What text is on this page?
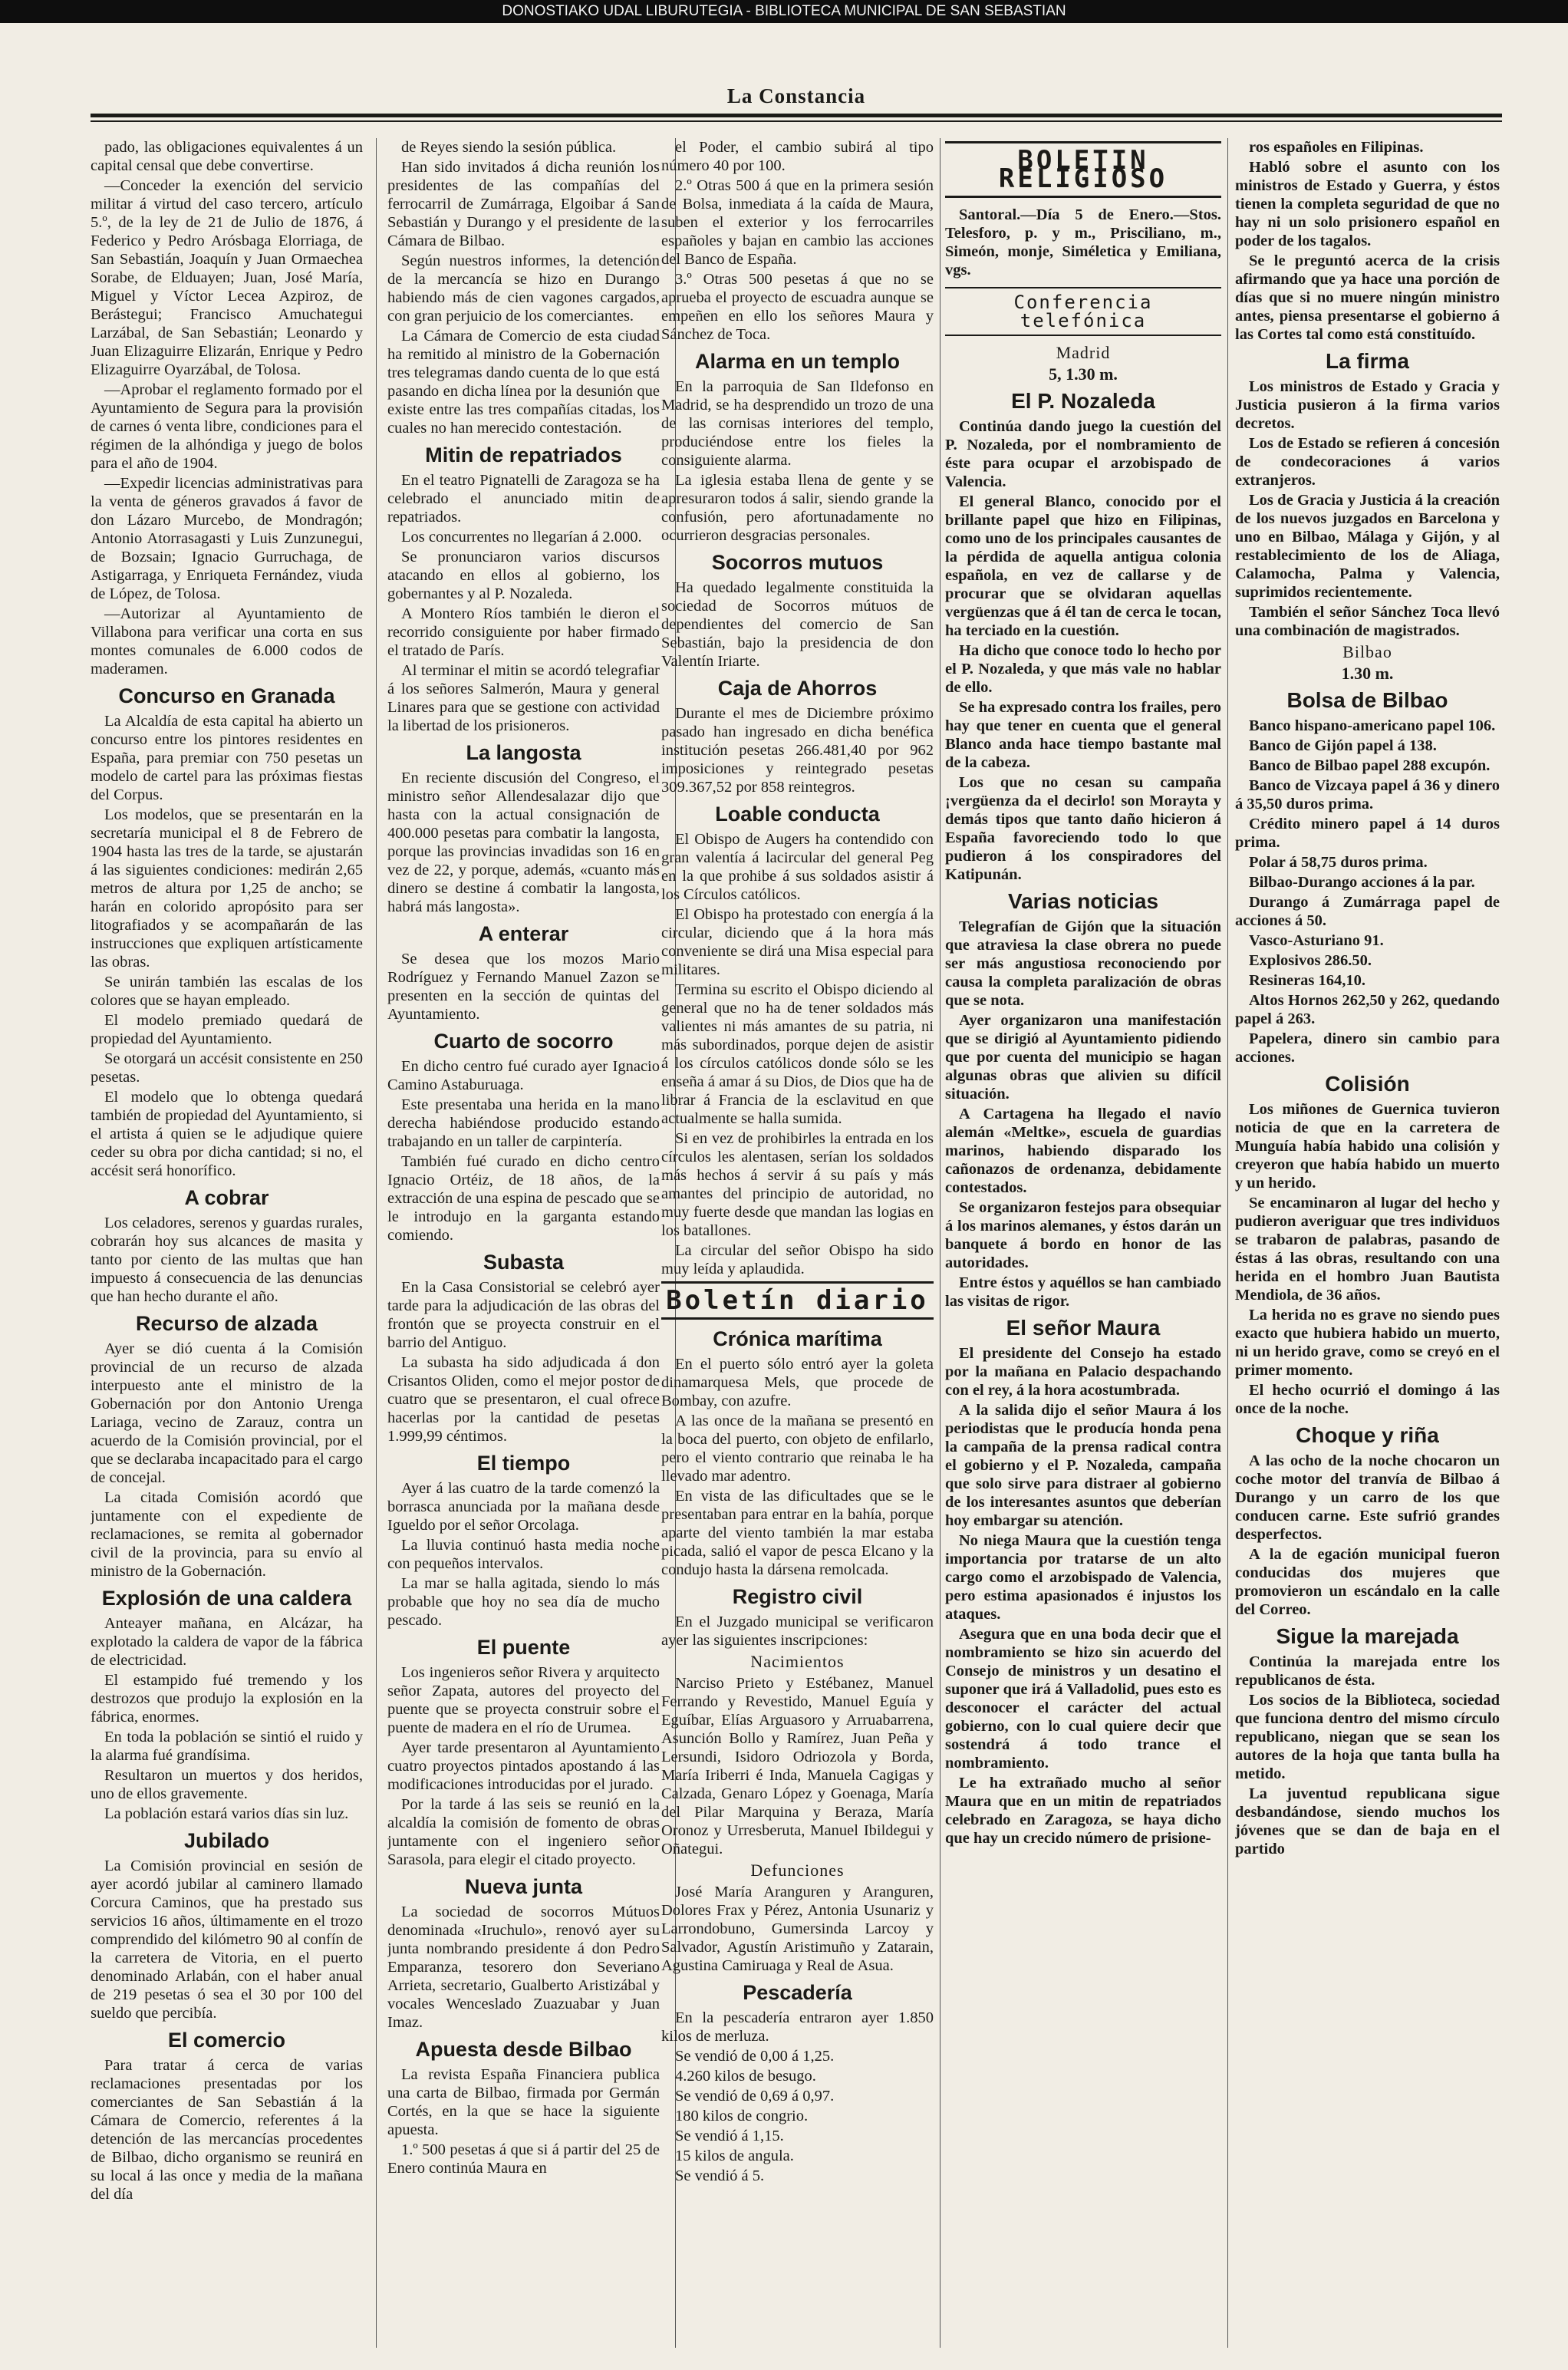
DONOSTIAKO UDAL LIBURUTEGIA - BIBLIOTECA MUNICIPAL DE SAN SEBASTIAN
La Constancia

pado, las obligaciones equivalentes á un capital censal que debe convertirse.

—Conceder la exención del servicio militar á virtud del caso tercero, artículo 5.º, de la ley de 21 de Julio de 1876, á Federico y Pedro Arósbaga Elorriaga, de San Sebastián, Joaquín y Juan Ormaechea Sorabe, de Elduayen; Juan, José María, Miguel y Víctor Lecea Azpiroz, de Berástegui; Francisco Amuchategui Larzábal, de San Sebastián; Leonardo y Juan Elizaguirre Elizarán, Enrique y Pedro Elizaguirre Oyarzábal, de Tolosa.

—Aprobar el reglamento formado por el Ayuntamiento de Segura para la provisión de carnes ó venta libre, condiciones para el régimen de la alhóndiga y juego de bolos para el año de 1904.

—Expedir licencias administrativas para la venta de géneros gravados á favor de don Lázaro Murcebo, de Mondragón; Antonio Atorrasagasti y Luis Zunzunegui, de Bozsain; Ignacio Gurruchaga, de Astigarraga, y Enriqueta Fernández, viuda de López, de Tolosa.

—Autorizar al Ayuntamiento de Villabona para verificar una corta en sus montes comunales de 6.000 codos de maderamen.

Concurso en Granada

La Alcaldía de esta capital ha abierto un concurso entre los pintores residentes en España, para premiar con 750 pesetas un modelo de cartel para las próximas fiestas del Corpus.

Los modelos, que se presentarán en la secretaría municipal el 8 de Febrero de 1904 hasta las tres de la tarde, se ajustarán á las siguientes condiciones: medirán 2,65 metros de altura por 1,25 de ancho; se harán en colorido apropósito para ser litografiados y se acompañarán de las instrucciones que expliquen artísticamente las obras.

Se unirán también las escalas de los colores que se hayan empleado.

El modelo premiado quedará de propiedad del Ayuntamiento.

Se otorgará un accésit consistente en 250 pesetas.

El modelo que lo obtenga quedará también de propiedad del Ayuntamiento, si el artista á quien se le adjudique quiere ceder su obra por dicha cantidad; si no, el accésit será honorífico.

A cobrar

Los celadores, serenos y guardas rurales, cobrarán hoy sus alcances de masita y tanto por ciento de las multas que han impuesto á consecuencia de las denuncias que han hecho durante el año.

Recurso de alzada

Ayer se dió cuenta á la Comisión provincial de un recurso de alzada interpuesto ante el ministro de la Gobernación por don Antonio Urenga Lariaga, vecino de Zarauz, contra un acuerdo de la Comisión provincial, por el que se declaraba incapacitado para el cargo de concejal.

La citada Comisión acordó que juntamente con el expediente de reclamaciones, se remita al gobernador civil de la provincia, para su envío al ministro de la Gobernación.

Explosión de una caldera

Anteayer mañana, en Alcázar, ha explotado la caldera de vapor de la fábrica de electricidad.

El estampido fué tremendo y los destrozos que produjo la explosión en la fábrica, enormes.

En toda la población se sintió el ruido y la alarma fué grandísima.

Resultaron un muertos y dos heridos, uno de ellos gravemente.

La población estará varios días sin luz.

Jubilado

La Comisión provincial en sesión de ayer acordó jubilar al caminero llamado Corcura Caminos, que ha prestado sus servicios 16 años, últimamente en el trozo comprendido del kilómetro 90 al confín de la carretera de Vitoria, en el puerto denominado Arlabán, con el haber anual de 219 pesetas ó sea el 30 por 100 del sueldo que percibía.

El comercio

Para tratar á cerca de varias reclamaciones presentadas por los comerciantes de San Sebastián á la Cámara de Comercio, referentes á la detención de las mercancías procedentes de Bilbao, dicho organismo se reunirá en su local á las once y media de la mañana del día

de Reyes siendo la sesión pública.

Han sido invitados á dicha reunión los presidentes de las compañías del ferrocarril de Zumárraga, Elgoibar á San Sebastián y Durango y el presidente de la Cámara de Bilbao.

Según nuestros informes, la detención de la mercancía se hizo en Durango habiendo más de cien vagones cargados, con gran perjuicio de los comerciantes.

La Cámara de Comercio de esta ciudad ha remitido al ministro de la Gobernación tres telegramas dando cuenta de lo que está pasando en dicha línea por la desunión que existe entre las tres compañías citadas, los cuales no han merecido contestación.

Mitin de repatriados

En el teatro Pignatelli de Zaragoza se ha celebrado el anunciado mitin de repatriados.

Los concurrentes no llegarían á 2.000.

Se pronunciaron varios discursos atacando en ellos al gobierno, los gobernantes y al P. Nozaleda.

A Montero Ríos también le dieron el recorrido consiguiente por haber firmado el tratado de París.

Al terminar el mitin se acordó telegrafiar á los señores Salmerón, Maura y general Linares para que se gestione con actividad la libertad de los prisioneros.

La langosta

En reciente discusión del Congreso, el ministro señor Allendesalazar dijo que hasta con la actual consignación de 400.000 pesetas para combatir la langosta, porque las provincias invadidas son 16 en vez de 22, y porque, además, «cuanto más dinero se destine á combatir la langosta, habrá más langosta».

A enterar

Se desea que los mozos Mario Rodríguez y Fernando Manuel Zazon se presenten en la sección de quintas del Ayuntamiento.

Cuarto de socorro

En dicho centro fué curado ayer Ignacio Camino Astaburuaga.

Este presentaba una herida en la mano derecha habiéndose producido estando trabajando en un taller de carpintería.

También fué curado en dicho centro Ignacio Ortéiz, de 18 años, de la extracción de una espina de pescado que se le introdujo en la garganta estando comiendo.

Subasta

En la Casa Consistorial se celebró ayer tarde para la adjudicación de las obras del frontón que se proyecta construir en el barrio del Antiguo.

La subasta ha sido adjudicada á don Crisantos Oliden, como el mejor postor de cuatro que se presentaron, el cual ofrece hacerlas por la cantidad de pesetas 1.999,99 céntimos.

El tiempo

Ayer á las cuatro de la tarde comenzó la borrasca anunciada por la mañana desde Igueldo por el señor Orcolaga.

La lluvia continuó hasta media noche con pequeños intervalos.

La mar se halla agitada, siendo lo más probable que hoy no sea día de mucho pescado.

El puente

Los ingenieros señor Rivera y arquitecto señor Zapata, autores del proyecto del puente que se proyecta construir sobre el puente de madera en el río de Urumea.

Ayer tarde presentaron al Ayuntamiento cuatro proyectos pintados apostando á las modificaciones introducidas por el jurado.

Por la tarde á las seis se reunió en la alcaldía la comisión de fomento de obras juntamente con el ingeniero señor Sarasola, para elegir el citado proyecto.

Nueva junta

La sociedad de socorros Mútuos denominada «Iruchulo», renovó ayer su junta nombrando presidente á don Pedro Emparanza, tesorero don Severiano Arrieta, secretario, Gualberto Aristizábal y vocales Wenceslado Zuazuabar y Juan Imaz.

Apuesta desde Bilbao

La revista España Financiera publica una carta de Bilbao, firmada por Germán Cortés, en la que se hace la siguiente apuesta.

1.º 500 pesetas á que si á partir del 25 de Enero continúa Maura en

el Poder, el cambio subirá al tipo número 40 por 100.

2.º Otras 500 á que en la primera sesión de Bolsa, inmediata á la caída de Maura, suben el exterior y los ferrocarriles españoles y bajan en cambio las acciones del Banco de España.

3.º Otras 500 pesetas á que no se aprueba el proyecto de escuadra aunque se empeñen en ello los señores Maura y Sánchez de Toca.

Alarma en un templo

En la parroquia de San Ildefonso en Madrid, se ha desprendido un trozo de una de las cornisas interiores del templo, produciéndose entre los fieles la consiguiente alarma.

La iglesia estaba llena de gente y se apresuraron todos á salir, siendo grande la confusión, pero afortunadamente no ocurrieron desgracias personales.

Socorros mutuos

Ha quedado legalmente constituida la sociedad de Socorros mútuos de dependientes del comercio de San Sebastián, bajo la presidencia de don Valentín Iriarte.

Caja de Ahorros

Durante el mes de Diciembre próximo pasado han ingresado en dicha benéfica institución pesetas 266.481,40 por 962 imposiciones y reintegrado pesetas 309.367,52 por 858 reintegros.

Loable conducta

El Obispo de Augers ha contendido con gran valentía á lacircular del general Peg en la que prohibe á sus soldados asistir á los Círculos católicos.

El Obispo ha protestado con energía á la circular, diciendo que á la hora más conveniente se dirá una Misa especial para militares.

Termina su escrito el Obispo diciendo al general que no ha de tener soldados más valientes ni más amantes de su patria, ni más subordinados, porque dejen de asistir á los círculos católicos donde sólo se les enseña á amar á su Dios, de Dios que ha de librar á Francia de la esclavitud en que actualmente se halla sumida.

Si en vez de prohibirles la entrada en los círculos les alentasen, serían los soldados más hechos á servir á su país y más amantes del principio de autoridad, no muy fuerte desde que mandan las logias en los batallones.

La circular del señor Obispo ha sido muy leída y aplaudida.

Boletín diario
Crónica marítima

En el puerto sólo entró ayer la goleta dinamarquesa Mels, que procede de Bombay, con azufre.

A las once de la mañana se presentó en la boca del puerto, con objeto de enfilarlo, pero el viento contrario que reinaba le ha llevado mar adentro.

En vista de las dificultades que se le presentaban para entrar en la bahía, porque aparte del viento también la mar estaba picada, salió el vapor de pesca Elcano y la condujo hasta la dársena remolcada.

Registro civil

En el Juzgado municipal se verificaron ayer las siguientes inscripciones:

Nacimientos

Narciso Prieto y Estébanez, Manuel Ferrando y Revestido, Manuel Eguía y Eguíbar, Elías Arguasoro y Arruabarrena, Asunción Bollo y Ramírez, Juan Peña y Lersundi, Isidoro Odriozola y Borda, María Iriberri é Inda, Manuela Cagigas y Calzada, Genaro López y Goenaga, María del Pilar Marquina y Beraza, María Oronoz y Urresberuta, Manuel Ibildegui y Oñategui.

Defunciones

José María Aranguren y Aranguren, Dolores Frax y Pérez, Antonia Usunariz y Larrondobuno, Gumersinda Larcoy y Salvador, Agustín Aristimuño y Zatarain, Agustina Camiruaga y Real de Asua.

Pescadería

En la pescadería entraron ayer 1.850 kilos de merluza.

Se vendió de 0,00 á 1,25.

4.260 kilos de besugo.

Se vendió de 0,69 á 0,97.

180 kilos de congrio.

Se vendió á 1,15.

15 kilos de angula.

Se vendió á 5.

BOLETIN RELIGIOSO

Santoral.—Día 5 de Enero.—Stos. Telesforo, p. y m., Prisciliano, m., Simeón, monje, Siméletica y Emiliana, vgs.

Conferencia telefónica
Madrid
5, 1.30 m.
El P. Nozaleda

Continúa dando juego la cuestión del P. Nozaleda, por el nombramiento de éste para ocupar el arzobispado de Valencia.

El general Blanco, conocido por el brillante papel que hizo en Filipinas, como uno de los principales causantes de la pérdida de aquella antigua colonia española, en vez de callarse y de procurar que se olvidaran aquellas vergüenzas que á él tan de cerca le tocan, ha terciado en la cuestión.

Ha dicho que conoce todo lo hecho por el P. Nozaleda, y que más vale no hablar de ello.

Se ha expresado contra los frailes, pero hay que tener en cuenta que el general Blanco anda hace tiempo bastante mal de la cabeza.

Los que no cesan su campaña ¡vergüenza da el decirlo! son Morayta y demás tipos que tanto daño hicieron á España favoreciendo todo lo que pudieron á los conspiradores del Katipunán.

Varias noticias

Telegrafían de Gijón que la situación que atraviesa la clase obrera no puede ser más angustiosa reconociendo por causa la completa paralización de obras que se nota.

Ayer organizaron una manifestación que se dirigió al Ayuntamiento pidiendo que por cuenta del municipio se hagan algunas obras que alivien su difícil situación.

A Cartagena ha llegado el navío alemán «Meltke», escuela de guardias marinos, habiendo disparado los cañonazos de ordenanza, debidamente contestados.

Se organizaron festejos para obsequiar á los marinos alemanes, y éstos darán un banquete á bordo en honor de las autoridades.

Entre éstos y aquéllos se han cambiado las visitas de rigor.

El señor Maura

El presidente del Consejo ha estado por la mañana en Palacio despachando con el rey, á la hora acostumbrada.

A la salida dijo el señor Maura á los periodistas que le producía honda pena la campaña de la prensa radical contra el gobierno y el P. Nozaleda, campaña que solo sirve para distraer al gobierno de los interesantes asuntos que deberían hoy embargar su atención.

No niega Maura que la cuestión tenga importancia por tratarse de un alto cargo como el arzobispado de Valencia, pero estima apasionados é injustos los ataques.

Asegura que en una boda decir que el nombramiento se hizo sin acuerdo del Consejo de ministros y un desatino el suponer que irá á Valladolid, pues esto es desconocer el carácter del actual gobierno, con lo cual quiere decir que sostendrá á todo trance el nombramiento.

Le ha extrañado mucho al señor Maura que en un mitin de repatriados celebrado en Zaragoza, se haya dicho que hay un crecido número de prisione-

ros españoles en Filipinas.

Habló sobre el asunto con los ministros de Estado y Guerra, y éstos tienen la completa seguridad de que no hay ni un solo prisionero español en poder de los tagalos.

Se le preguntó acerca de la crisis afirmando que ya hace una porción de días que si no muere ningún ministro antes, piensa presentarse el gobierno á las Cortes tal como está constituído.

La firma

Los ministros de Estado y Gracia y Justicia pusieron á la firma varios decretos.

Los de Estado se refieren á concesión de condecoraciones á varios extranjeros.

Los de Gracia y Justicia á la creación de los nuevos juzgados en Barcelona y uno en Bilbao, Málaga y Gijón, y al restablecimiento de los de Aliaga, Calamocha, Palma y Valencia, suprimidos recientemente.

También el señor Sánchez Toca llevó una combinación de magistrados.

Bilbao
1.30 m.
Bolsa de Bilbao

Banco hispano-americano papel 106.

Banco de Gijón papel á 138.

Banco de Bilbao papel 288 excupón.

Banco de Vizcaya papel á 36 y dinero á 35,50 duros prima.

Crédito minero papel á 14 duros prima.

Polar á 58,75 duros prima.

Bilbao-Durango acciones á la par.

Durango á Zumárraga papel de acciones á 50.

Vasco-Asturiano 91.

Explosivos 286.50.

Resineras 164,10.

Altos Hornos 262,50 y 262, quedando papel á 263.

Papelera, dinero sin cambio para acciones.

Colisión

Los miñones de Guernica tuvieron noticia de que en la carretera de Munguía había habido una colisión y creyeron que había habido un muerto y un herido.

Se encaminaron al lugar del hecho y pudieron averiguar que tres individuos se trabaron de palabras, pasando de éstas á las obras, resultando con una herida en el hombro Juan Bautista Mendiola, de 36 años.

La herida no es grave no siendo pues exacto que hubiera habido un muerto, ni un herido grave, como se creyó en el primer momento.

El hecho ocurrió el domingo á las once de la noche.

Choque y riña

A las ocho de la noche chocaron un coche motor del tranvía de Bilbao á Durango y un carro de los que conducen carne. Este sufrió grandes desperfectos.

A la de egación municipal fueron conducidas dos mujeres que promovieron un escándalo en la calle del Correo.

Sigue la marejada

Continúa la marejada entre los republicanos de ésta.

Los socios de la Biblioteca, sociedad que funciona dentro del mismo círculo republicano, niegan que se sean los autores de la hoja que tanta bulla ha metido.

La juventud republicana sigue desbandándose, siendo muchos los jóvenes que se dan de baja en el partido
